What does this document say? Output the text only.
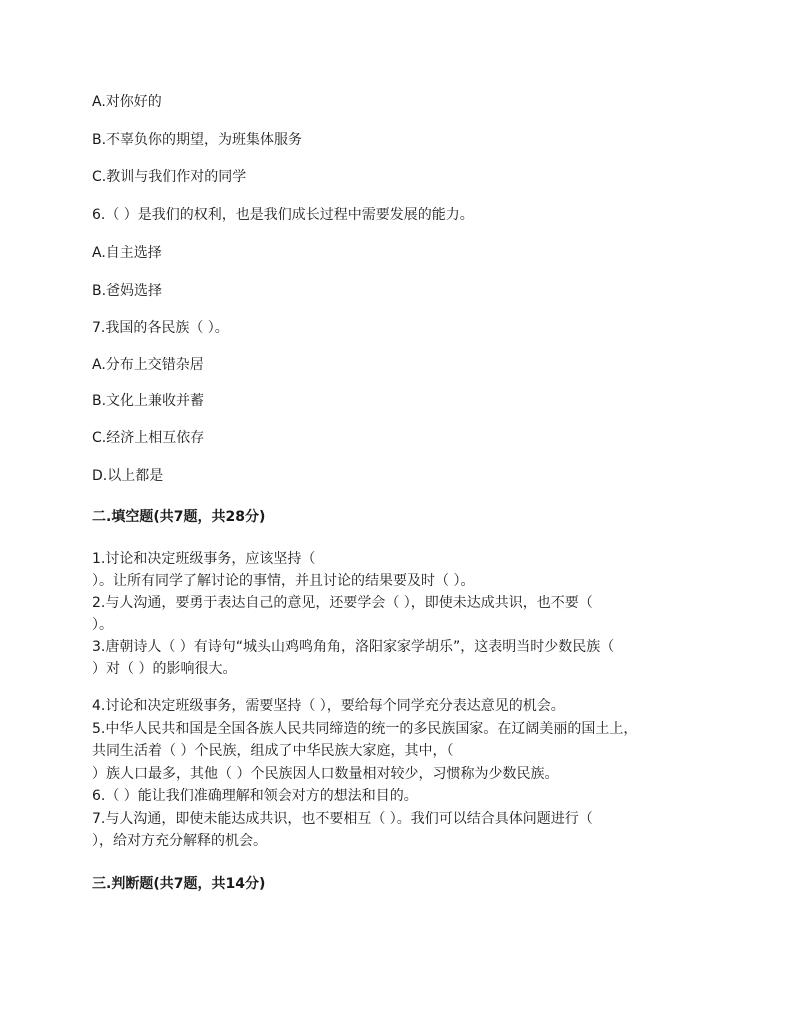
A.对你好的
B.不辜负你的期望，为班集体服务
C.教训与我们作对的同学
6.（ ）是我们的权利，也是我们成长过程中需要发展的能力。
A.自主选择
B.爸妈选择
7.我国的各民族（ ）。
A.分布上交错杂居
B.文化上兼收并蓄
C.经济上相互依存
D.以上都是
二.填空题(共7题，共28分)
1.讨论和决定班级事务，应该坚持（
）。让所有同学了解讨论的事情，并且讨论的结果要及时（ ）。
2.与人沟通，要勇于表达自己的意见，还要学会（ ），即使未达成共识，也不要（
）。
3.唐朝诗人（ ）有诗句“城头山鸡鸣角角，洛阳家家学胡乐”，这表明当时少数民族（
）对（ ）的影响很大。
4.讨论和决定班级事务，需要坚持（ ），要给每个同学充分表达意见的机会。
5.中华人民共和国是全国各族人民共同缔造的统一的多民族国家。在辽阔美丽的国土上，
共同生活着（ ）个民族，组成了中华民族大家庭，其中，（
）族人口最多，其他（ ）个民族因人口数量相对较少，习惯称为少数民族。
6.（ ）能让我们准确理解和领会对方的想法和目的。
7.与人沟通，即使未能达成共识，也不要相互（ ）。我们可以结合具体问题进行（
），给对方充分解释的机会。
三.判断题(共7题，共14分)
